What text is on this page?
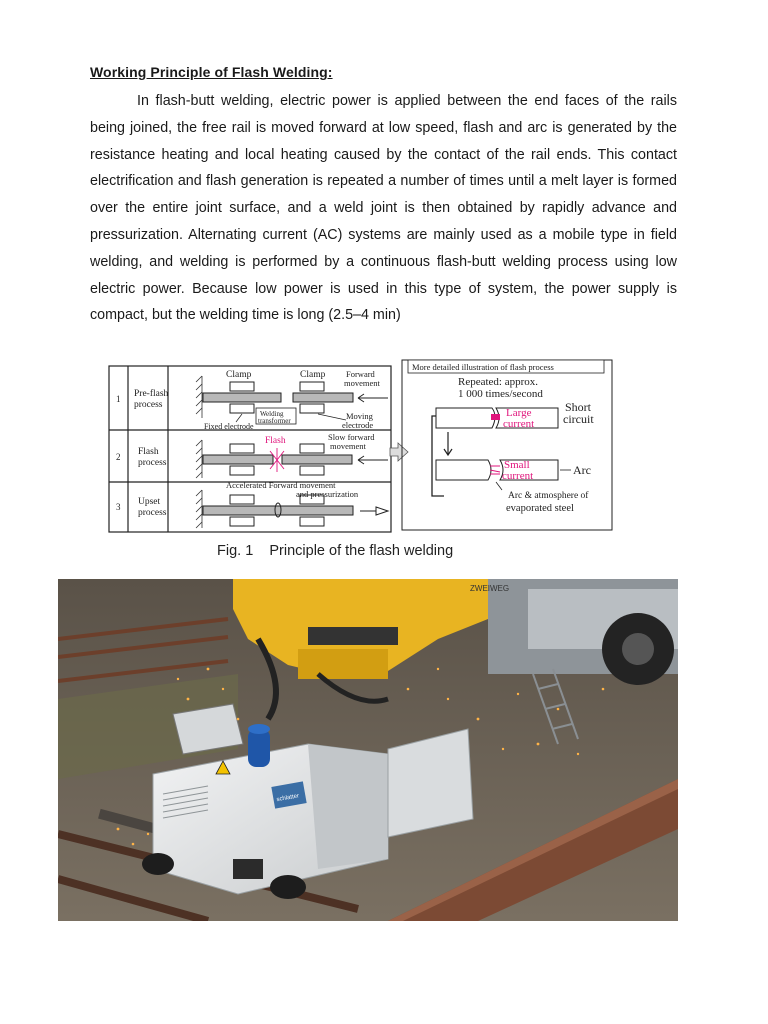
Working Principle of Flash Welding:
In flash-butt welding, electric power is applied between the end faces of the rails being joined, the free rail is moved forward at low speed, flash and arc is generated by the resistance heating and local heating caused by the contact of the rail ends. This contact electrification and flash generation is repeated a number of times until a melt layer is formed over the entire joint surface, and a weld joint is then obtained by rapidly advance and pressurization. Alternating current (AC) systems are mainly used as a mobile type in field welding, and welding is performed by a continuous flash-butt welding process using low electric power. Because low power is used in this type of system, the power supply is compact, but the welding time is long (2.5–4 min)
1 Pre-flash
process
2 Flash
process
3 Upset
process
Clamp	Clamp Forward
movement
Welding
transformer
Fixed electrode
Moving
electrode
Flash	Slow forward
movement
Accelerated Forward movement
and pressurization
More detailed illustration of flash process
Repeated: approx.
1 000 times/second
Large
current
Short
circuit
Small
current	Arc
Arc & atmosphere of
evaporated steel
Fig. 1    Principle of the flash welding
ZWEIWEG
schlatter
